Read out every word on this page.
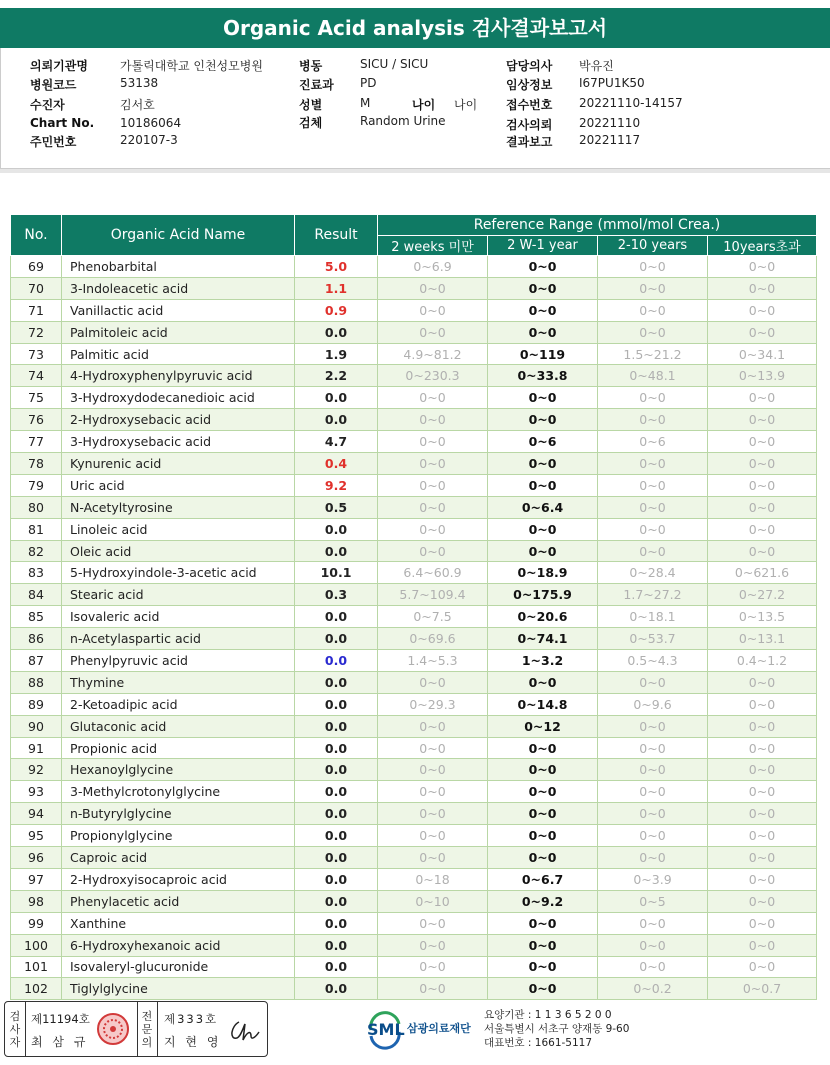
Organic Acid analysis 검사결과보고서
의뢰기관명	가톨릭대학교 인천성모병원
병원코드	53138
수진자	김서호
Chart No. 10186064
주민번호	220107-3
병동	SICU / SICU
진료과 PD
성별	M	나이 나이
검체	Random Urine
담당의사 박유진
임상정보 I67PU1K50
접수번호 20221110-14157
검사의뢰 20221110
결과보고 20221117
No.	Organic Acid Name	Result	Reference Range (mmol/mol Crea.)			
			2 weeks 미만	2 W-1 year	2-10 years	10years초과
69	Phenobarbital	5.0	0~6.9	0~0	0~0	0~0
70	3-Indoleacetic acid	1.1	0~0	0~0	0~0	0~0
71	Vanillactic acid	0.9	0~0	0~0	0~0	0~0
72	Palmitoleic acid	0.0	0~0	0~0	0~0	0~0
73	Palmitic acid	1.9	4.9~81.2	0~119	1.5~21.2	0~34.1
74	4-Hydroxyphenylpyruvic acid	2.2	0~230.3	0~33.8	0~48.1	0~13.9
75	3-Hydroxydodecanedioic acid	0.0	0~0	0~0	0~0	0~0
76	2-Hydroxysebacic acid	0.0	0~0	0~0	0~0	0~0
77	3-Hydroxysebacic acid	4.7	0~0	0~6	0~6	0~0
78	Kynurenic acid	0.4	0~0	0~0	0~0	0~0
79	Uric acid	9.2	0~0	0~0	0~0	0~0
80	N-Acetyltyrosine	0.5	0~0	0~6.4	0~0	0~0
81	Linoleic acid	0.0	0~0	0~0	0~0	0~0
82	Oleic acid	0.0	0~0	0~0	0~0	0~0
83	5-Hydroxyindole-3-acetic acid	10.1	6.4~60.9	0~18.9	0~28.4	0~621.6
84	Stearic acid	0.3	5.7~109.4	0~175.9	1.7~27.2	0~27.2
85	Isovaleric acid	0.0	0~7.5	0~20.6	0~18.1	0~13.5
86	n-Acetylaspartic acid	0.0	0~69.6	0~74.1	0~53.7	0~13.1
87	Phenylpyruvic acid	0.0	1.4~5.3	1~3.2	0.5~4.3	0.4~1.2
88	Thymine	0.0	0~0	0~0	0~0	0~0
89	2-Ketoadipic acid	0.0	0~29.3	0~14.8	0~9.6	0~0
90	Glutaconic acid	0.0	0~0	0~12	0~0	0~0
91	Propionic acid	0.0	0~0	0~0	0~0	0~0
92	Hexanoylglycine	0.0	0~0	0~0	0~0	0~0
93	3-Methylcrotonylglycine	0.0	0~0	0~0	0~0	0~0
94	n-Butyrylglycine	0.0	0~0	0~0	0~0	0~0
95	Propionylglycine	0.0	0~0	0~0	0~0	0~0
96	Caproic acid	0.0	0~0	0~0	0~0	0~0
97	2-Hydroxyisocaproic acid	0.0	0~18	0~6.7	0~3.9	0~0
98	Phenylacetic acid	0.0	0~10	0~9.2	0~5	0~0
99	Xanthine	0.0	0~0	0~0	0~0	0~0
100	6-Hydroxyhexanoic acid	0.0	0~0	0~0	0~0	0~0
101	Isovaleryl-glucuronide	0.0	0~0	0~0	0~0	0~0
102	Tiglylglycine	0.0	0~0	0~0	0~0.2	0~0.7
검사자
제11194호
최 삼 규
전문의
제333호
지 현 영
SML 삼광의료재단
요양기관 : 1 1 3 6 5 2 0 0
서울특별시 서초구 양재동 9-60
대표번호 : 1661-5117
